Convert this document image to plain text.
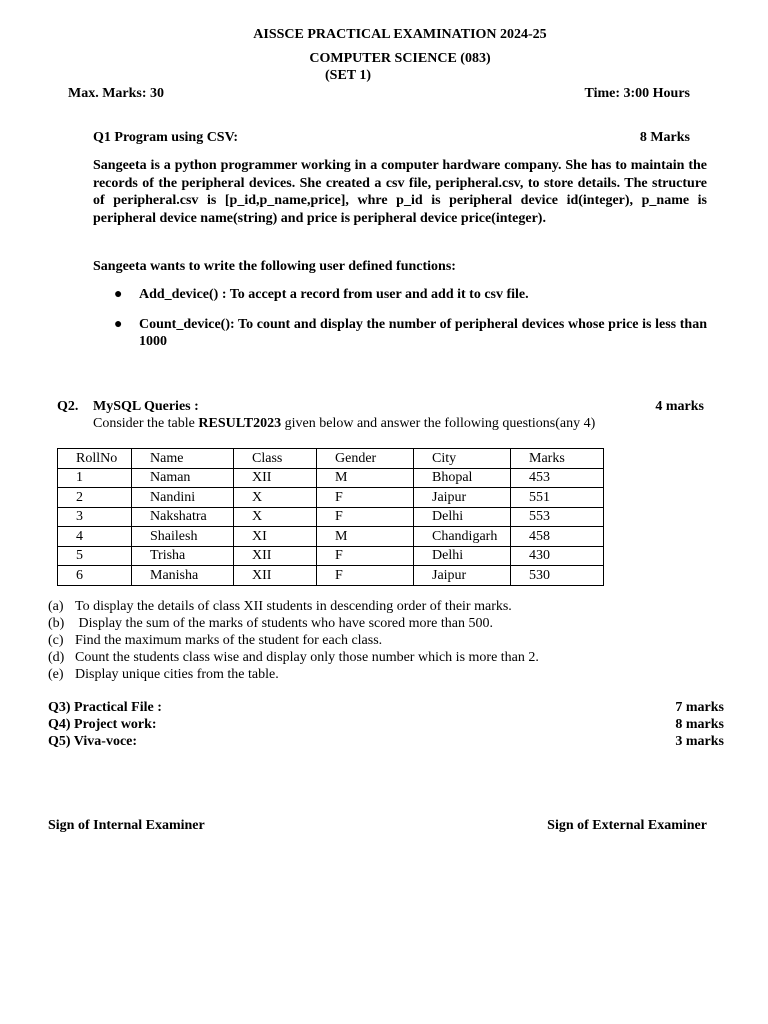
AISSCE PRACTICAL EXAMINATION 2024-25
COMPUTER SCIENCE (083)
(SET 1)
Max. Marks: 30	Time: 3:00 Hours
Q1 Program using CSV:	8 Marks
Sangeeta is a python programmer working in a computer hardware company. She has to maintain the records of the peripheral devices. She created a csv file, peripheral.csv, to store details. The structure of peripheral.csv is [p_id,p_name,price], whre p_id is peripheral device id(integer), p_name is peripheral device name(string) and price is peripheral device price(integer).
Sangeeta wants to write the following user defined functions:
● Add_device() : To accept a record from user and add it to csv file.
● Count_device(): To count and display the number of peripheral devices whose price is less than 1000
Q2. MySQL Queries :	4 marks
Consider the table RESULT2023 given below and answer the following questions(any 4)
RollNo	Name	Class	Gender	City	Marks
1	Naman	XII	M	Bhopal	453
2	Nandini	X	F	Jaipur	551
3	Nakshatra	X	F	Delhi	553
4	Shailesh	XI	M	Chandigarh	458
5	Trisha	XII	F	Delhi	430
6	Manisha	XII	F	Jaipur	530
(a) To display the details of class XII students in descending order of their marks.
(b) Display the sum of the marks of students who have scored more than 500.
(c) Find the maximum marks of the student for each class.
(d) Count the students class wise and display only those number which is more than 2.
(e) Display unique cities from the table.
Q3) Practical File :	7 marks
Q4) Project work:	8 marks
Q5) Viva-voce:	3 marks
Sign of Internal Examiner	Sign of External Examiner
